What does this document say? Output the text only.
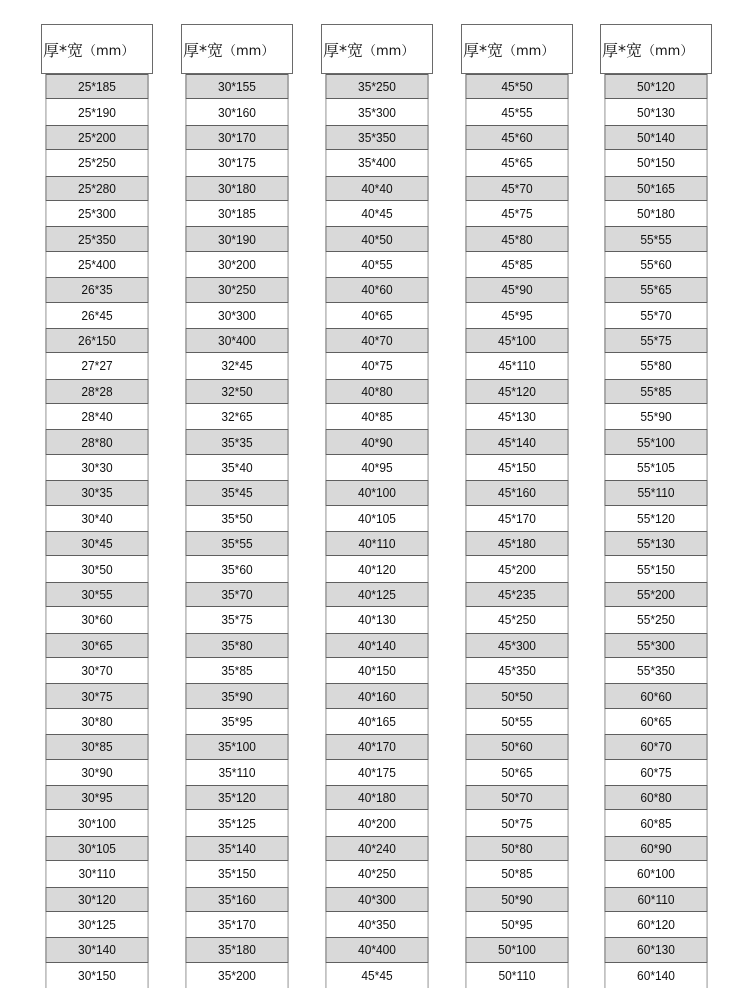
厚*宽 （mm）
25*185
25*190
25*200
25*250
25*280
25*300
25*350
25*400
26*35
26*45
26*150
27*27
28*28
28*40
28*80
30*30
30*35
30*40
30*45
30*50
30*55
30*60
30*65
30*70
30*75
30*80
30*85
30*90
30*95
30*100
30*105
30*110
30*120
30*125
30*140
30*150
厚*宽 （mm）
30*155
30*160
30*170
30*175
30*180
30*185
30*190
30*200
30*250
30*300
30*400
32*45
32*50
32*65
35*35
35*40
35*45
35*50
35*55
35*60
35*70
35*75
35*80
35*85
35*90
35*95
35*100
35*110
35*120
35*125
35*140
35*150
35*160
35*170
35*180
35*200
厚*宽 （mm）
35*250
35*300
35*350
35*400
40*40
40*45
40*50
40*55
40*60
40*65
40*70
40*75
40*80
40*85
40*90
40*95
40*100
40*105
40*110
40*120
40*125
40*130
40*140
40*150
40*160
40*165
40*170
40*175
40*180
40*200
40*240
40*250
40*300
40*350
40*400
45*45
厚*宽 （mm）
45*50
45*55
45*60
45*65
45*70
45*75
45*80
45*85
45*90
45*95
45*100
45*110
45*120
45*130
45*140
45*150
45*160
45*170
45*180
45*200
45*235
45*250
45*300
45*350
50*50
50*55
50*60
50*65
50*70
50*75
50*80
50*85
50*90
50*95
50*100
50*110
厚*宽 （mm）
50*120
50*130
50*140
50*150
50*165
50*180
55*55
55*60
55*65
55*70
55*75
55*80
55*85
55*90
55*100
55*105
55*110
55*120
55*130
55*150
55*200
55*250
55*300
55*350
60*60
60*65
60*70
60*75
60*80
60*85
60*90
60*100
60*110
60*120
60*130
60*140
